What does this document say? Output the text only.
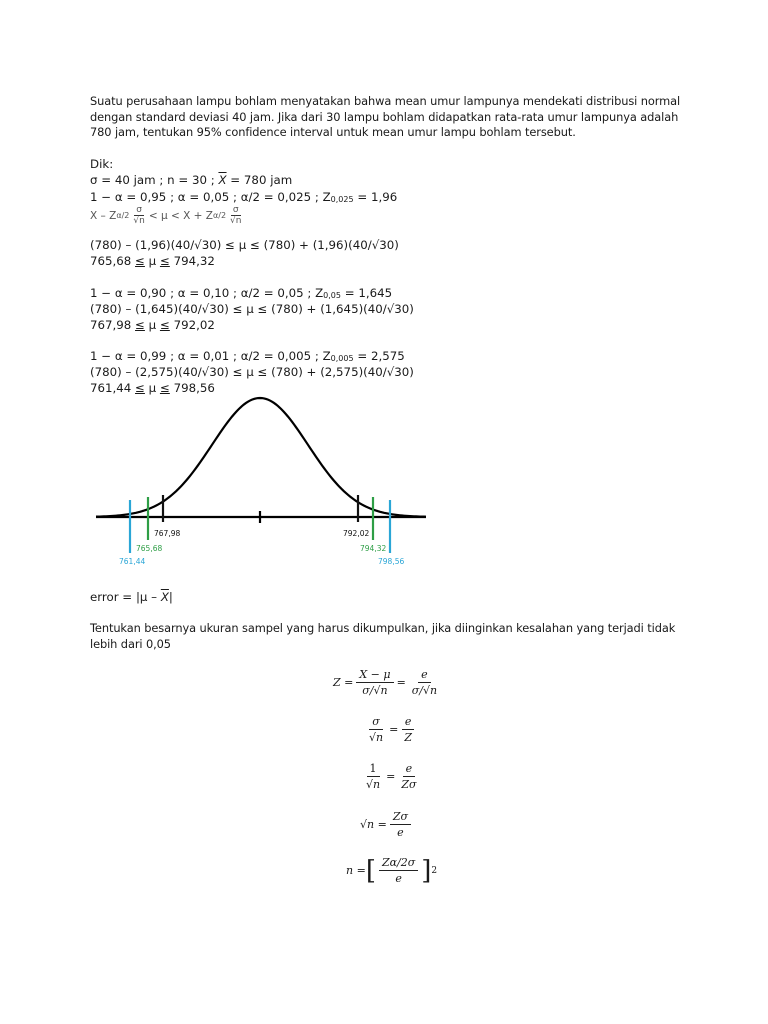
Suatu perusahaan lampu bohlam menyatakan bahwa mean umur lampunya mendekati distribusi normal dengan standard deviasi 40 jam. Jika dari 30 lampu bohlam didapatkan rata-rata umur lampunya adalah 780 jam, tentukan 95% confidence interval untuk mean umur lampu bohlam tersebut.
Dik:
σ = 40 jam ; n = 30 ; $\overline{X} = 780$ jam
1 − α = 0,95 ; α = 0,05 ; α/2 = 0,025 ; Z0,025 = 1,96
X – Z $\alpha/2 \frac{\sigma}{√n} < \mu < X + Z$ $\alpha/2 \frac{\sigma}{√n}$
(780) – (1,96)(40/√30) ≤ μ ≤ (780) + (1,96)(40/√30)
765,68 ≤ μ ≤ 794,32
1 − α = 0,90 ; α = 0,10 ; α/2 = 0,05 ; Z0,05 = 1,645
(780) – (1,645)(40/√30) ≤ μ ≤ (780) + (1,645)(40/√30)
767,98 ≤ μ ≤ 792,02
1 − α = 0,99 ; α = 0,01 ; α/2 = 0,005 ; Z0,005 = 2,575
(780) – (2,575)(40/√30) ≤ μ ≤ (780) + (2,575)(40/√30)
761,44 ≤ μ ≤ 798,56
767,98	792,02
765,68	794,32
761,44	798,56
error = $|\mu - \overline{X}|$
Tentukan besarnya ukuran sampel yang harus dikumpulkan, jika diinginkan kesalahan yang terjadi tidak lebih dari 0,05
$Z = \frac{X - \mu}{\sigma/√n} = \frac{e}{\sigma/√n}$
$\frac{\sigma}{√n} = \frac{e}{Z}$
$\frac{1}{√n} = \frac{e}{Z\sigma}$
$√n = \frac{Z\sigma}{e}$
n = [ Zα/2σ
e ] 2
